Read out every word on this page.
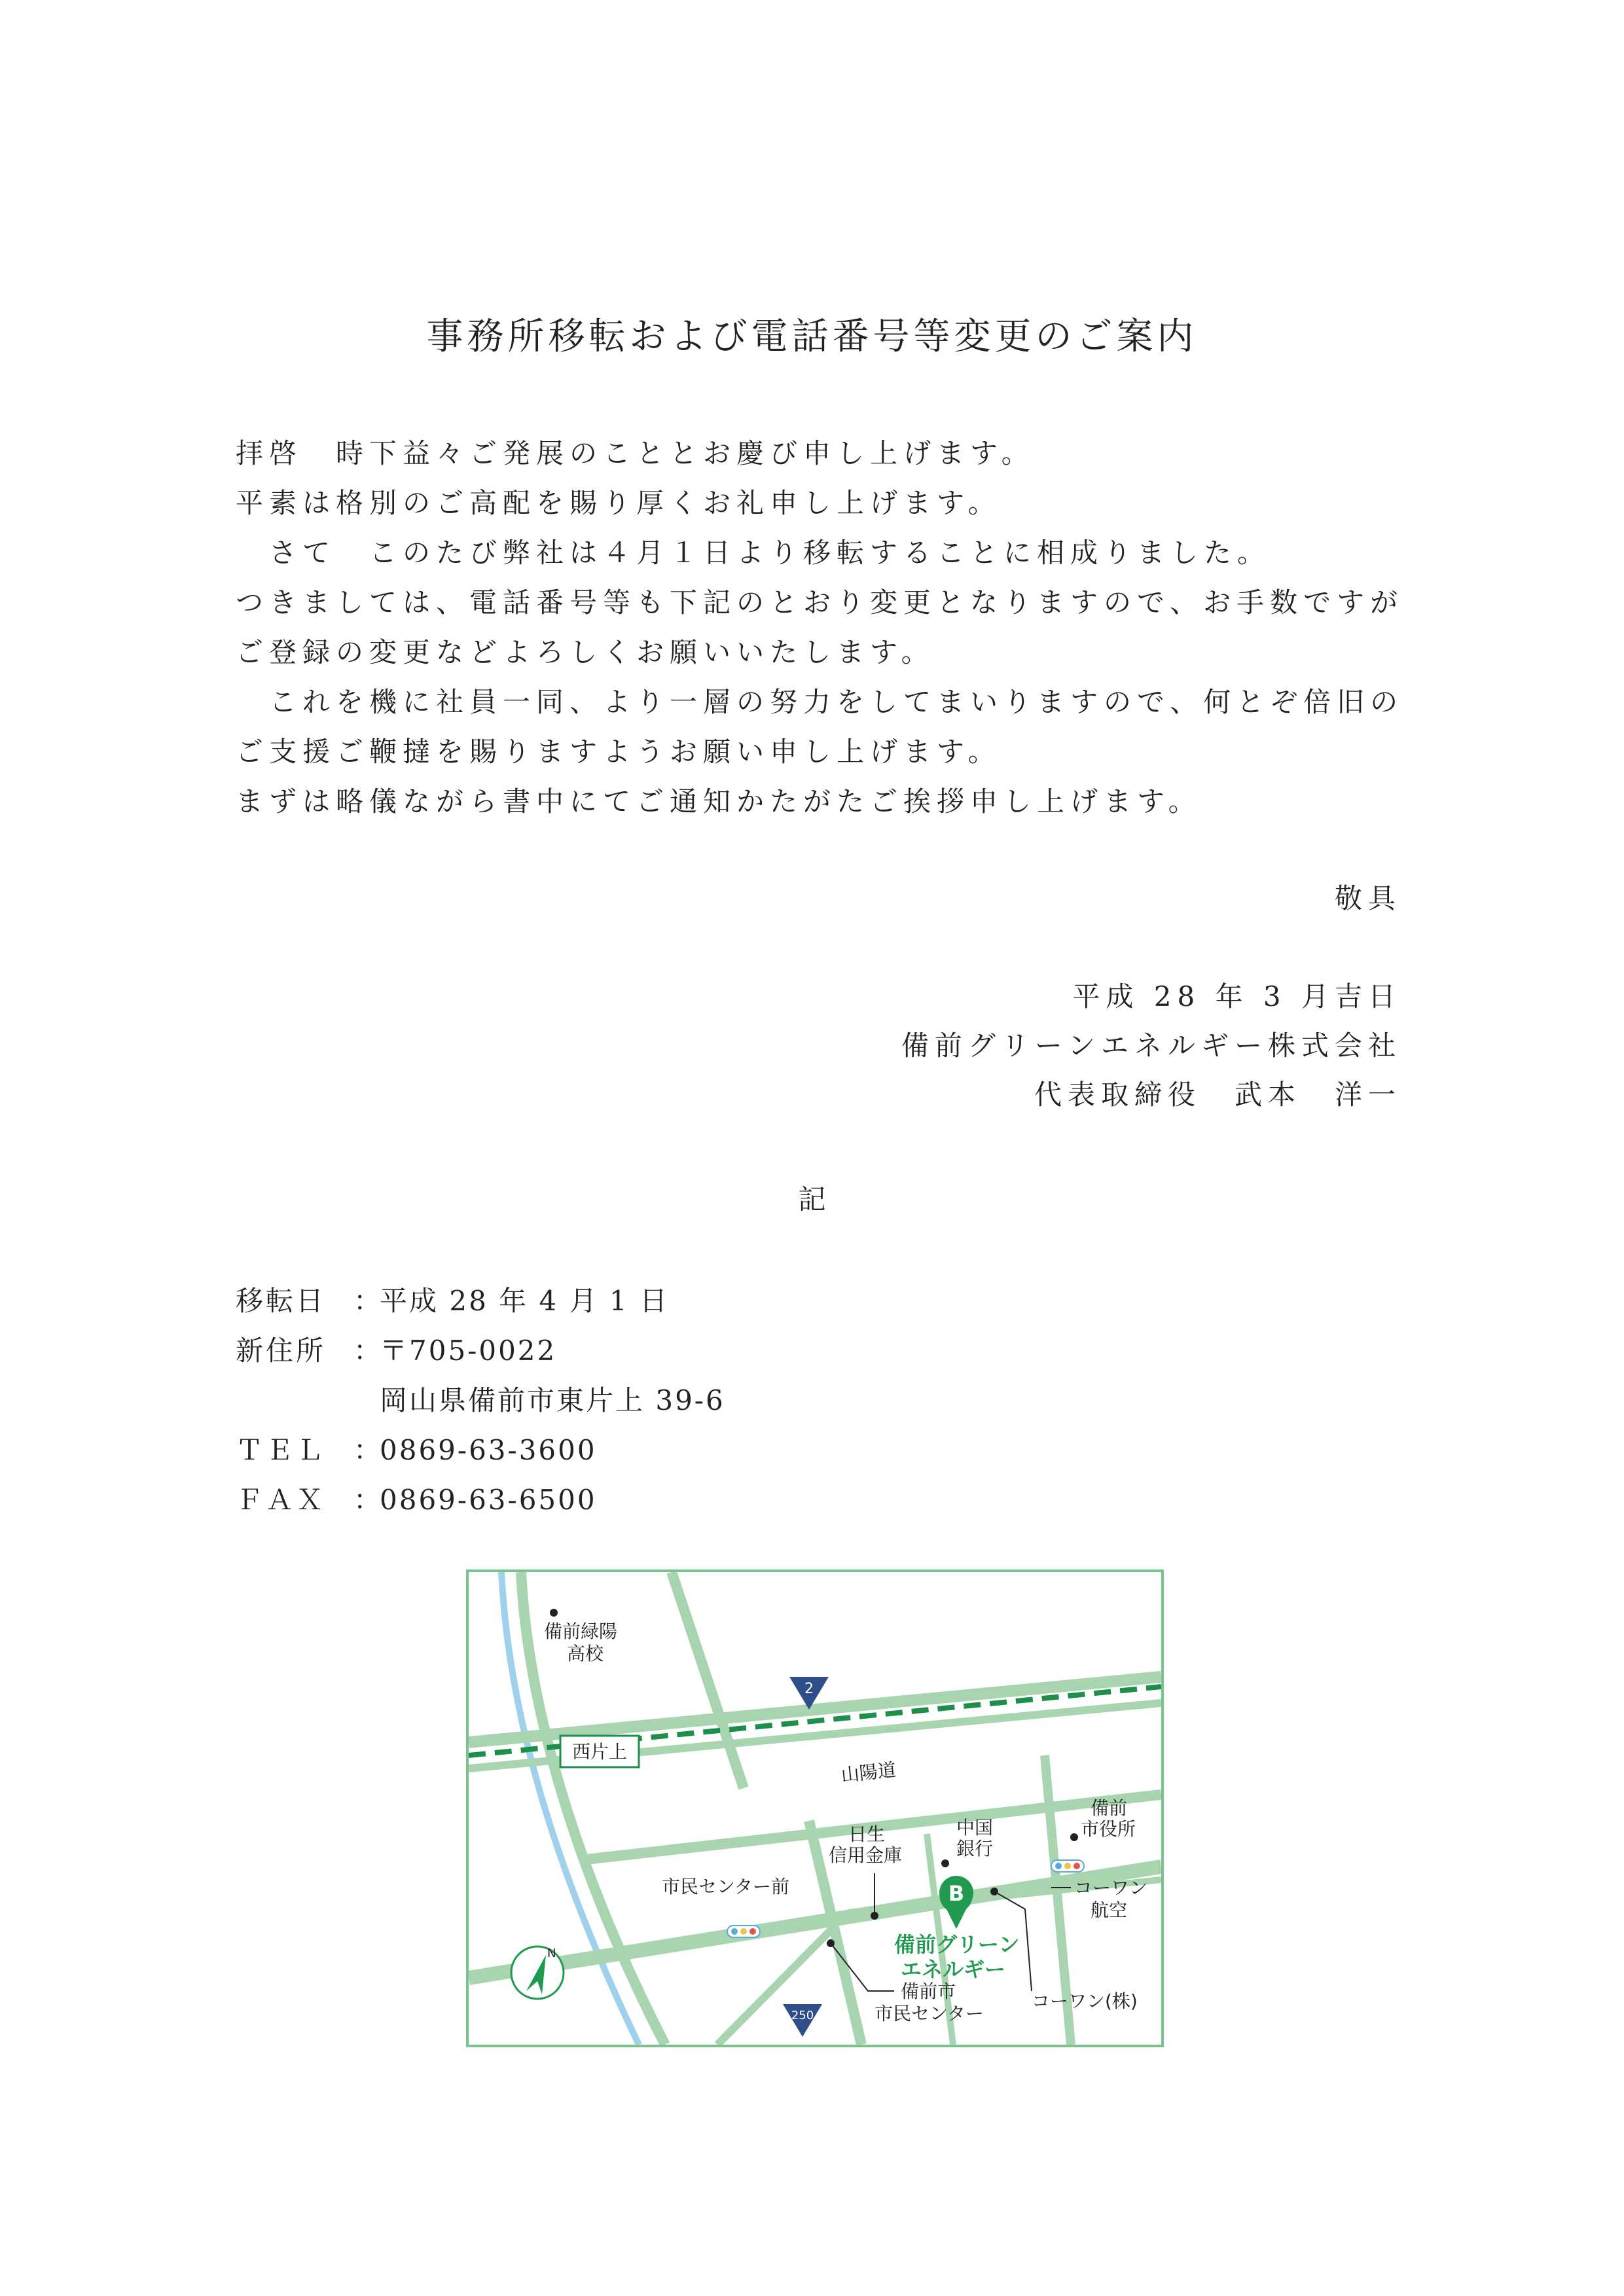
事務所移転および電話番号等変更のご案内
拝啓　時下益々ご発展のこととお慶び申し上げます。
平素は格別のご高配を賜り厚くお礼申し上げます。
　さて　このたび弊社は４月１日より移転することに相成りました。
つきましては、電話番号等も下記のとおり変更となりますので、お手数ですが
ご登録の変更などよろしくお願いいたします。
　これを機に社員一同、より一層の努力をしてまいりますので、何とぞ倍旧の
ご支援ご鞭撻を賜りますようお願い申し上げます。
まずは略儀ながら書中にてご通知かたがたご挨拶申し上げます。
敬具
平成 28 年 3 月吉日
備前グリーンエネルギー株式会社
代表取締役　武本　洋一
記
移転日 ：平成 28 年 4 月 1 日
新住所 ：〒705-0022
岡山県備前市東片上 39-6
ＴＥＬ ：0869-63-3600
ＦＡＸ ：0869-63-6500
西片上
2
250
備前緑陽高校
山陽道
備前市役所
日生信用金庫
中国銀行
市民センター前	コーワン航空
B
備前グリーンエネルギー
コーワン(株)
備前市市民センター
N
